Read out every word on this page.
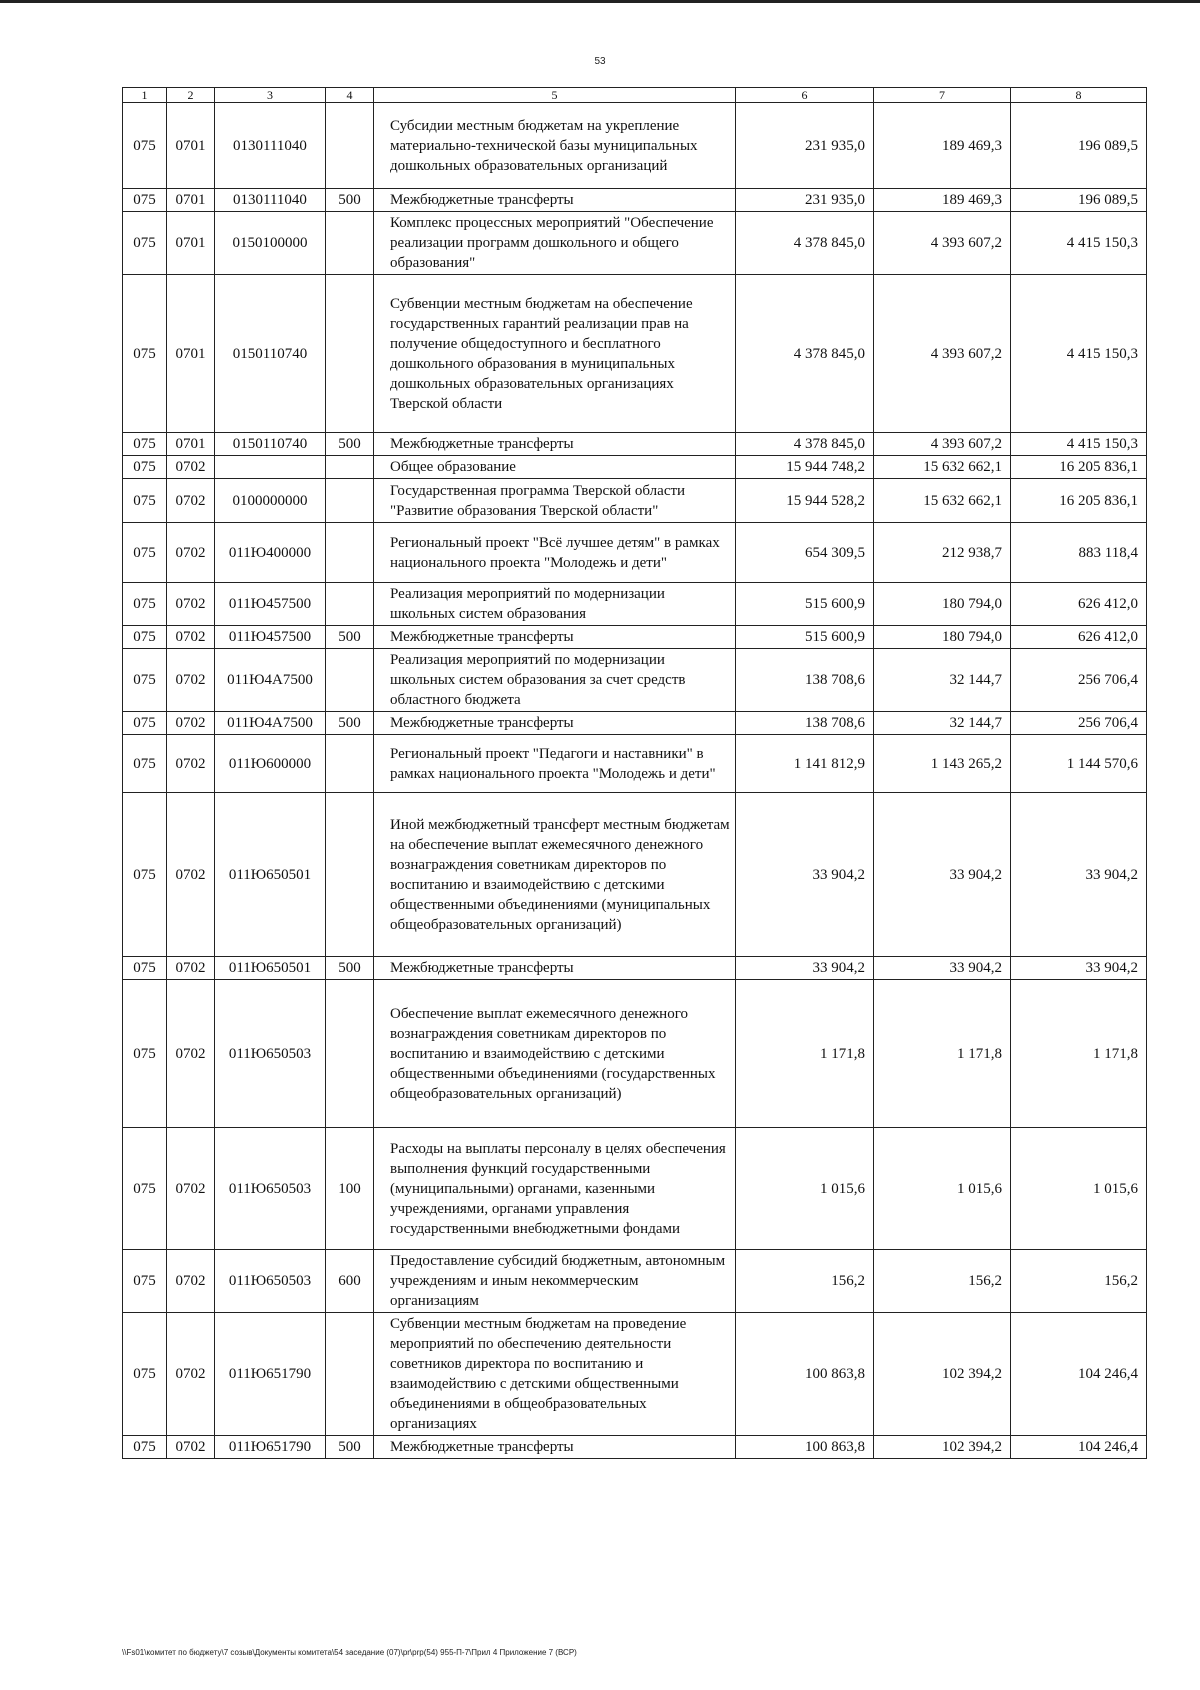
53
1	2	3	4	5	6	7	8
075	0701	0130111040		Субсидии местным бюджетам на укрепление материально-технической базы муниципальных дошкольных образовательных организаций	231 935,0	189 469,3	196 089,5
075	0701	0130111040	500	Межбюджетные трансферты	231 935,0	189 469,3	196 089,5
075	0701	0150100000		Комплекс процессных мероприятий "Обеспечение реализации программ дошкольного и общего образования"	4 378 845,0	4 393 607,2	4 415 150,3
075	0701	0150110740		Субвенции местным бюджетам на обеспечение государственных гарантий реализации прав на получение общедоступного и бесплатного дошкольного образования в муниципальных дошкольных образовательных организациях Тверской области	4 378 845,0	4 393 607,2	4 415 150,3
075	0701	0150110740	500	Межбюджетные трансферты	4 378 845,0	4 393 607,2	4 415 150,3
075	0702			Общее образование	15 944 748,2	15 632 662,1	16 205 836,1
075	0702	0100000000		Государственная программа Тверской области "Развитие образования Тверской области"	15 944 528,2	15 632 662,1	16 205 836,1
075	0702	011Ю400000		Региональный проект "Всё лучшее детям" в рамках национального проекта "Молодежь и дети"	654 309,5	212 938,7	883 118,4
075	0702	011Ю457500		Реализация мероприятий по модернизации школьных систем образования	515 600,9	180 794,0	626 412,0
075	0702	011Ю457500	500	Межбюджетные трансферты	515 600,9	180 794,0	626 412,0
075	0702	011Ю4А7500		Реализация мероприятий по модернизации школьных систем образования за счет средств областного бюджета	138 708,6	32 144,7	256 706,4
075	0702	011Ю4А7500	500	Межбюджетные трансферты	138 708,6	32 144,7	256 706,4
075	0702	011Ю600000		Региональный проект "Педагоги и наставники" в рамках национального проекта "Молодежь и дети"	1 141 812,9	1 143 265,2	1 144 570,6
075	0702	011Ю650501		Иной межбюджетный трансферт местным бюджетам на обеспечение выплат ежемесячного денежного вознаграждения советникам директоров по воспитанию и взаимодействию с детскими общественными объединениями (муниципальных общеобразовательных организаций)	33 904,2	33 904,2	33 904,2
075	0702	011Ю650501	500	Межбюджетные трансферты	33 904,2	33 904,2	33 904,2
075	0702	011Ю650503		Обеспечение выплат ежемесячного денежного вознаграждения советникам директоров по воспитанию и взаимодействию с детскими общественными объединениями (государственных общеобразовательных организаций)	1 171,8	1 171,8	1 171,8
075	0702	011Ю650503	100	Расходы на выплаты персоналу в целях обеспечения выполнения функций государственными (муниципальными) органами, казенными учреждениями, органами управления государственными внебюджетными фондами	1 015,6	1 015,6	1 015,6
075	0702	011Ю650503	600	Предоставление субсидий бюджетным, автономным учреждениям и иным некоммерческим организациям	156,2	156,2	156,2
075	0702	011Ю651790		Субвенции местным бюджетам на проведение мероприятий по обеспечению деятельности советников директора по воспитанию и взаимодействию с детскими общественными объединениями в общеобразовательных организациях	100 863,8	102 394,2	104 246,4
075	0702	011Ю651790	500	Межбюджетные трансферты	100 863,8	102 394,2	104 246,4
\\Fs01\комитет по бюджету\7 созыв\Документы комитета\54 заседание (07)\pr\prp(54) 955-П-7\Прил 4 Приложение 7 (ВСР)
